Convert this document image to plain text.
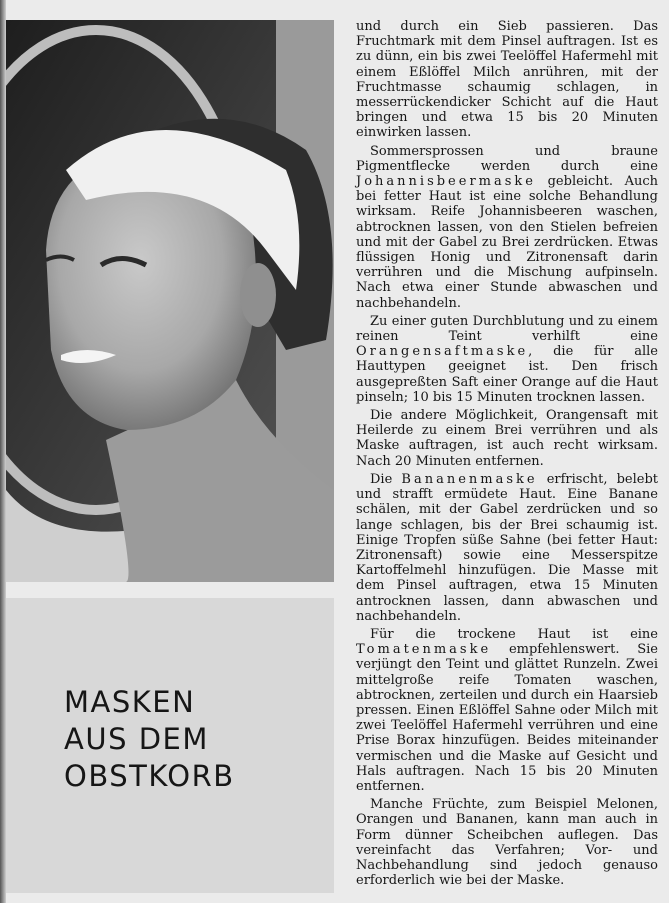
MASKEN
AUS DEM
OBSTKORB

und durch ein Sieb passieren. Das Fruchtmark mit dem Pinsel auftragen. Ist es zu dünn, ein bis zwei Teelöffel Hafermehl mit einem Eßlöffel Milch anrühren, mit der Fruchtmasse schaumig schlagen, in messerrückendicker Schicht auf die Haut bringen und etwa 15 bis 20 Minuten einwirken lassen.

Sommersprossen und braune Pigmentflecke werden durch eine Johannisbeermaske gebleicht. Auch bei fetter Haut ist eine solche Behandlung wirksam. Reife Johannisbeeren waschen, abtrocknen lassen, von den Stielen befreien und mit der Gabel zu Brei zerdrücken. Etwas flüssigen Honig und Zitronensaft darin verrühren und die Mischung aufpinseln. Nach etwa einer Stunde abwaschen und nachbehandeln.

Zu einer guten Durchblutung und zu einem reinen Teint verhilft eine Orangensaftmaske, die für alle Hauttypen geeignet ist. Den frisch ausgepreßten Saft einer Orange auf die Haut pinseln; 10 bis 15 Minuten trocknen lassen.

Die andere Möglichkeit, Orangensaft mit Heilerde zu einem Brei verrühren und als Maske auftragen, ist auch recht wirksam. Nach 20 Minuten entfernen.

Die Bananenmaske erfrischt, belebt und strafft ermüdete Haut. Eine Banane schälen, mit der Gabel zerdrücken und so lange schlagen, bis der Brei schaumig ist. Einige Tropfen süße Sahne (bei fetter Haut: Zitronensaft) sowie eine Messerspitze Kartoffelmehl hinzufügen. Die Masse mit dem Pinsel auftragen, etwa 15 Minuten antrocknen lassen, dann abwaschen und nachbehandeln.

Für die trockene Haut ist eine Tomatenmaske empfehlenswert. Sie verjüngt den Teint und glättet Runzeln. Zwei mittelgroße reife Tomaten waschen, abtrocknen, zerteilen und durch ein Haarsieb pressen. Einen Eßlöffel Sahne oder Milch mit zwei Teelöffel Hafermehl verrühren und eine Prise Borax hinzufügen. Beides miteinander vermischen und die Maske auf Gesicht und Hals auftragen. Nach 15 bis 20 Minuten entfernen.

Manche Früchte, zum Beispiel Melonen, Orangen und Bananen, kann man auch in Form dünner Scheibchen auflegen. Das vereinfacht das Verfahren; Vor- und Nachbehandlung sind jedoch genauso erforderlich wie bei der Maske.
